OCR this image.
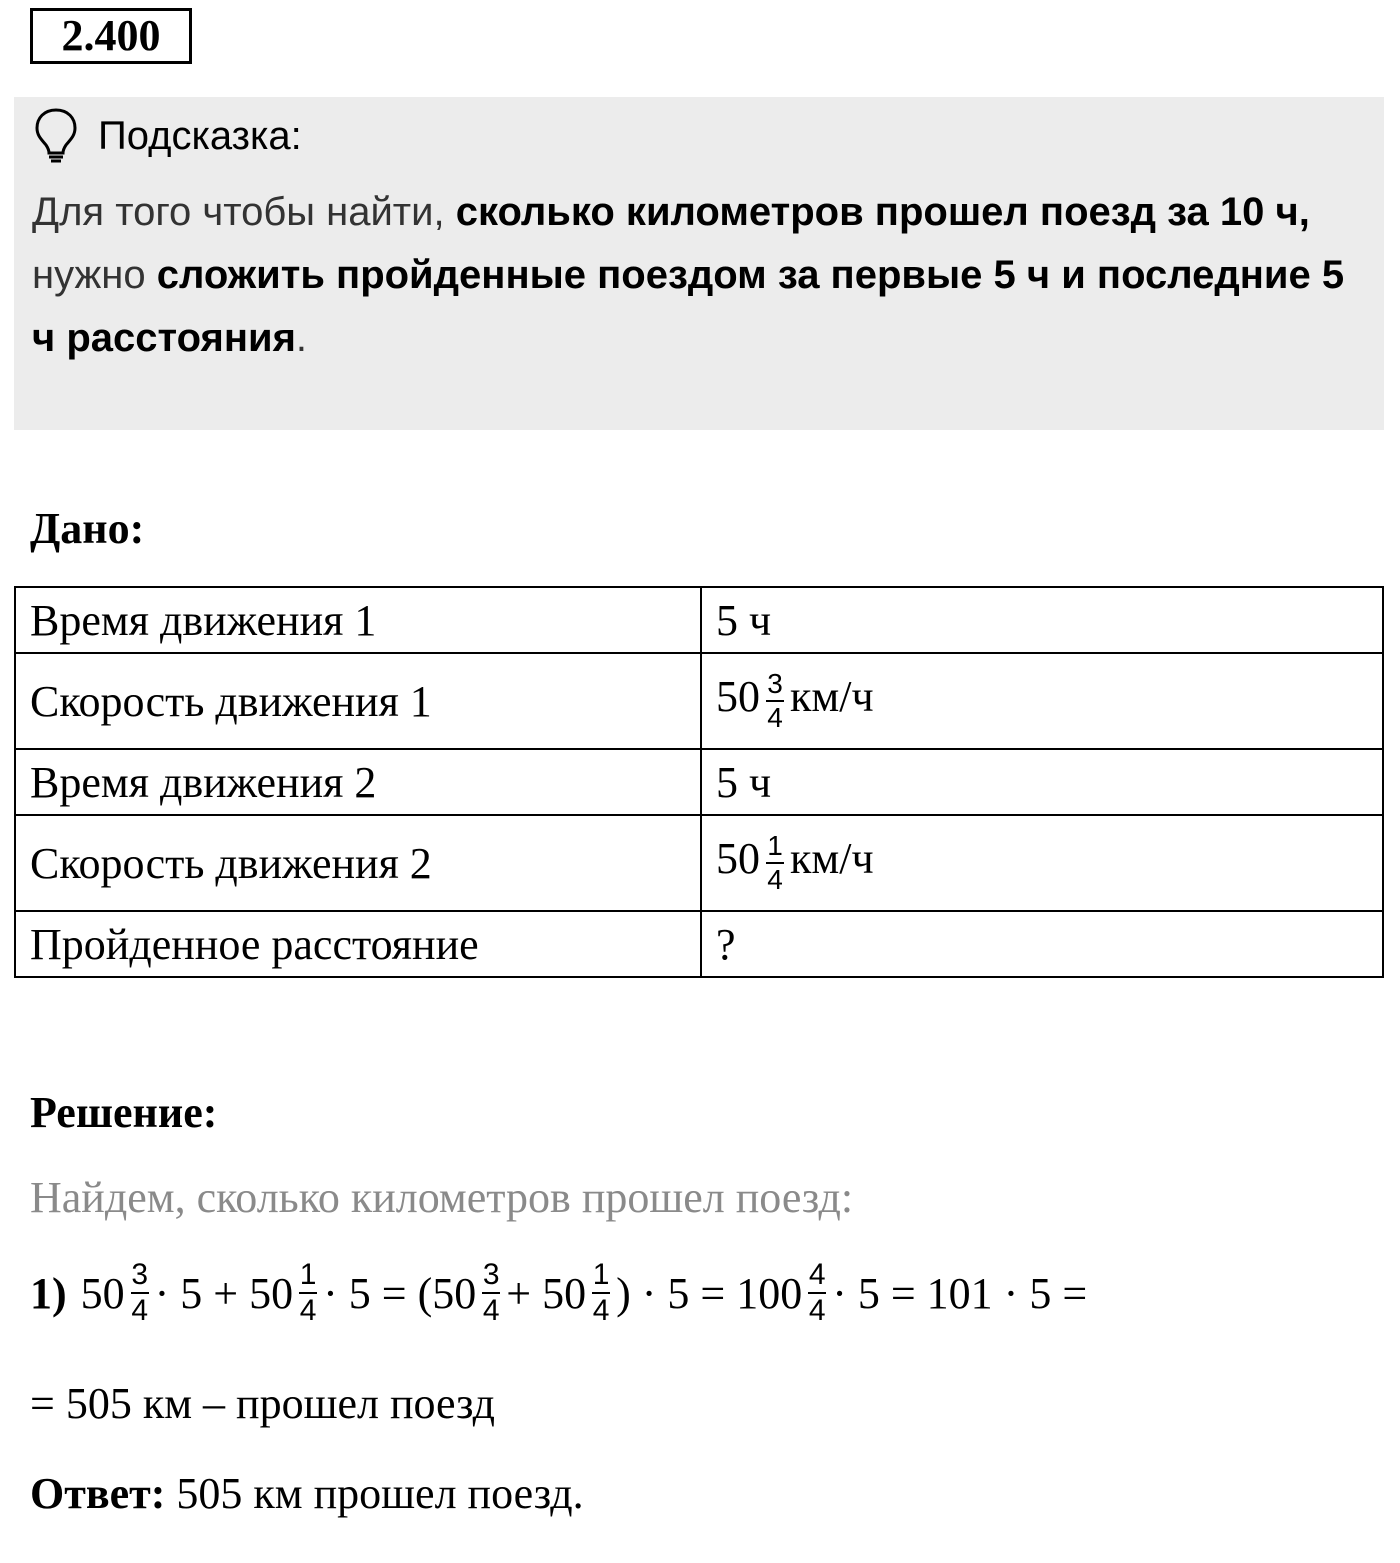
2.400
Подсказка:
Для того чтобы найти, сколько километров прошел поезд за 10 ч, нужно сложить пройденные поездом за первые 5 ч и последние 5 ч расстояния.
Дано:
Время движения 1	5 ч
Скорость движения 1	$50 \frac{3}{4} км/ч$
Время движения 2	5 ч
Скорость движения 2	$50 \frac{1}{4} км/ч$
Пройденное расстояние	?
Решение:
Найдем, сколько километров прошел поезд:
1) $50 \frac{3}{4} \cdot 5 + 50 \frac{1}{4} \cdot 5 = (50 \frac{3}{4} + 50 \frac{1}{4}$ ) · $5 = 100 \frac{4}{4} \cdot 5 = 101 \cdot 5$ =
= 505 км – прошел поезд
Ответ: 505 км прошел поезд.
